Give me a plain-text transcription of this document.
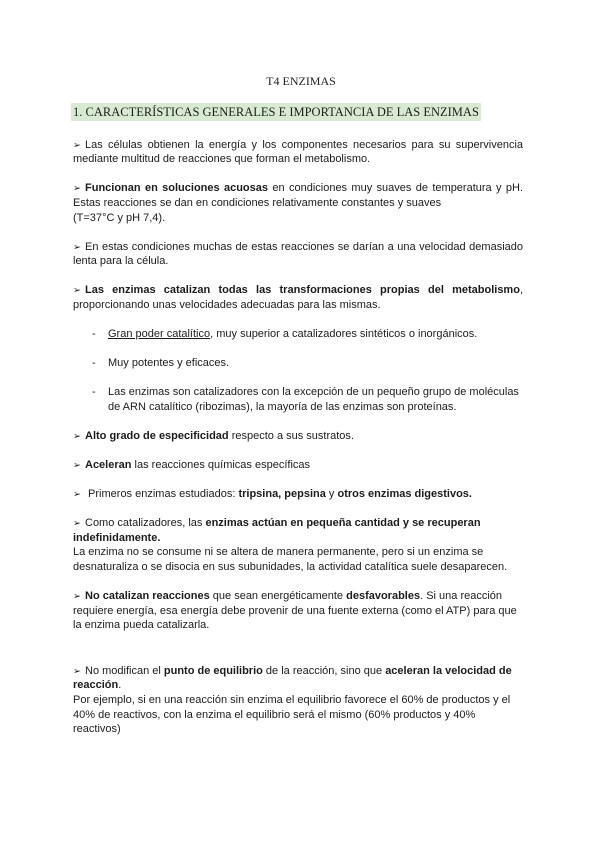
T4 ENZIMAS
1. CARACTERÍSTICAS GENERALES E IMPORTANCIA DE LAS ENZIMAS

➢ Las células obtienen la energía y los componentes necesarios para su supervivencia mediante multitud de reacciones que forman el metabolismo.

➢ Funcionan en soluciones acuosas en condiciones muy suaves de temperatura y pH. Estas reacciones se dan en condiciones relativamente constantes y suaves
(T=37°C y pH 7,4).

➢ En estas condiciones muchas de estas reacciones se darían a una velocidad demasiado lenta para la célula.

➢ Las enzimas catalizan todas las transformaciones propias del metabolismo, proporcionando unas velocidades adecuadas para las mismas.

- Gran poder catalítico, muy superior a catalizadores sintéticos o inorgánicos.
- Muy potentes y eficaces.
- Las enzimas son catalizadores con la excepción de un pequeño grupo de moléculas de ARN catalítico (ribozimas), la mayoría de las enzimas son proteínas.

➢ Alto grado de especificidad respecto a sus sustratos.

➢ Aceleran las reacciones químicas específicas

➢ Primeros enzimas estudiados: tripsina, pepsina y otros enzimas digestivos.

➢ Como catalizadores, las enzimas actúan en pequeña cantidad y se recuperan indefinidamente.
La enzima no se consume ni se altera de manera permanente, pero si un enzima se desnaturaliza o se disocia en sus subunidades, la actividad catalítica suele desaparecen.

➢ No catalizan reacciones que sean energéticamente desfavorables. Si una reacción requiere energía, esa energía debe provenir de una fuente externa (como el ATP) para que la enzima pueda catalizarla.

➢ No modifican el punto de equilibrio de la reacción, sino que aceleran la velocidad de reacción.
Por ejemplo, si en una reacción sin enzima el equilibrio favorece el 60% de productos y el 40% de reactivos, con la enzima el equilibrio será el mismo (60% productos y 40% reactivos)
